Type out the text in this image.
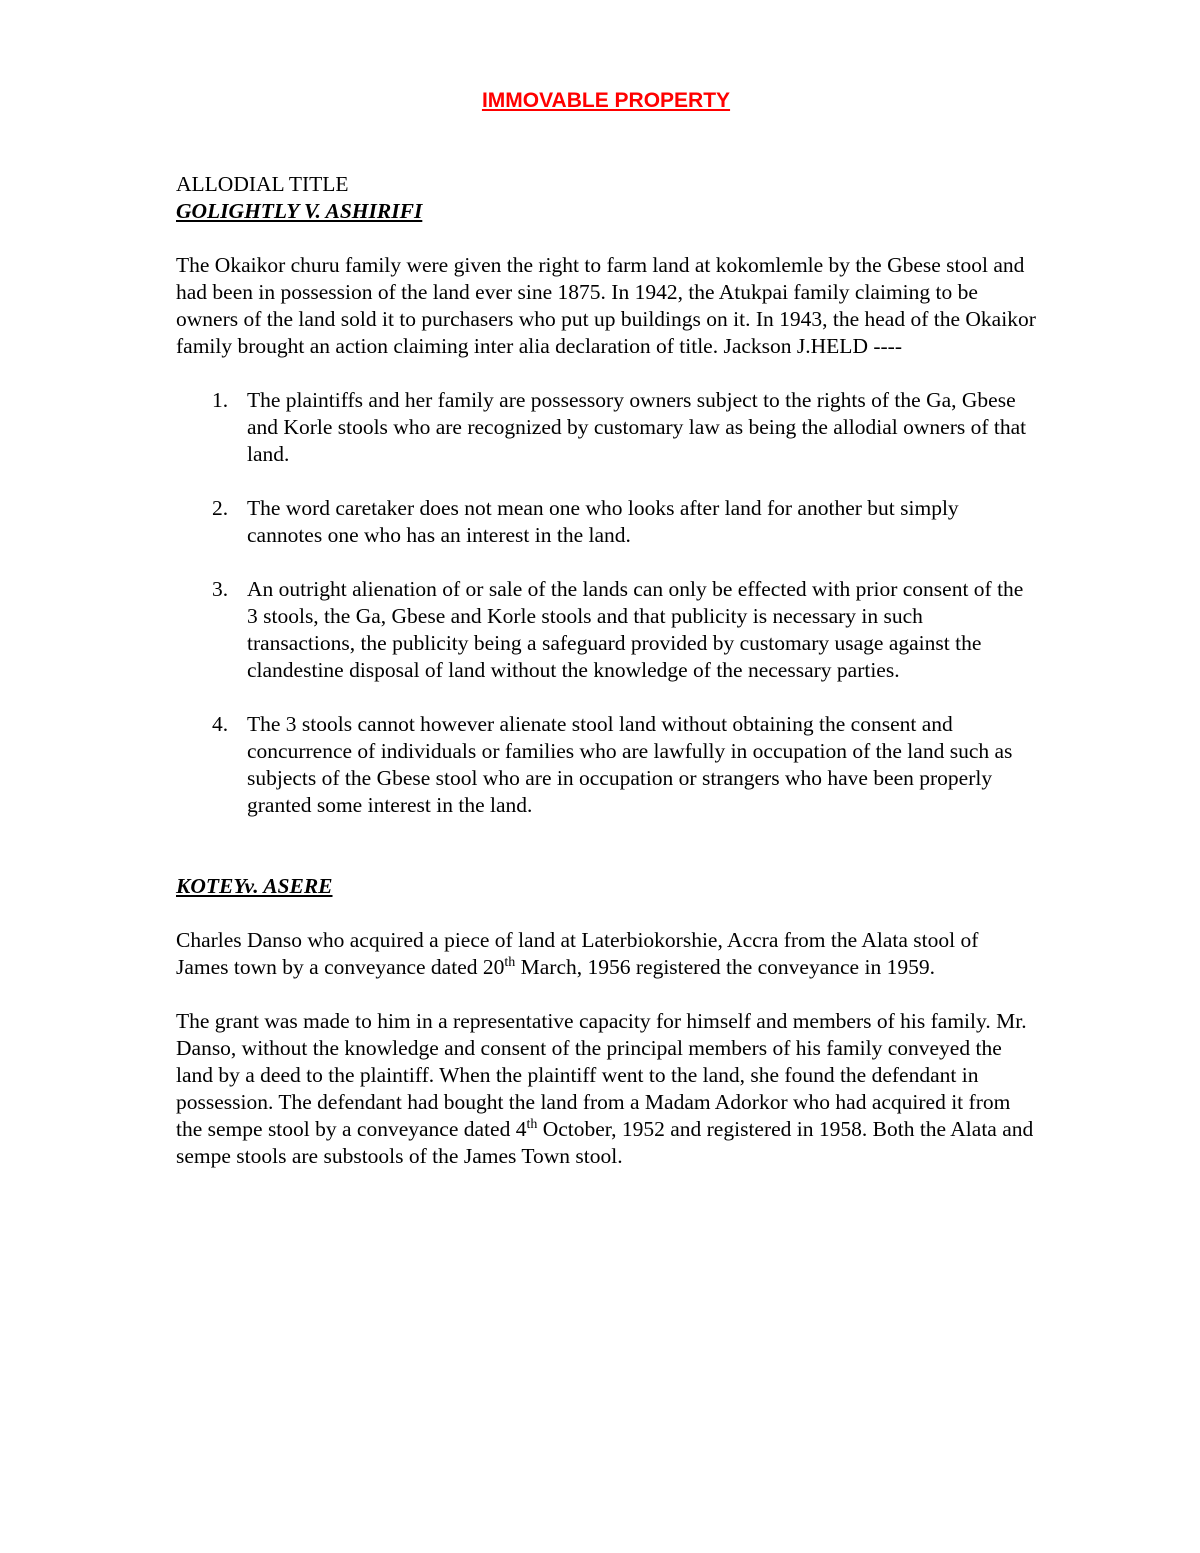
IMMOVABLE PROPERTY

ALLODIAL TITLE

GOLIGHTLY V. ASHIRIFI

The Okaikor churu family were given the right to farm land at kokomlemle by the Gbese stool and had been in possession of the land ever sine 1875. In 1942, the Atukpai family claiming to be owners of the land sold it to purchasers who put up buildings on it. In 1943, the head of the Okaikor family brought an action claiming inter alia declaration of title. Jackson J.HELD ----

1. The plaintiffs and her family are possessory owners subject to the rights of the Ga, Gbese and Korle stools who are recognized by customary law as being the allodial owners of that land.
2. The word caretaker does not mean one who looks after land for another but simply cannotes one who has an interest in the land.
3. An outright alienation of or sale of the lands can only be effected with prior consent of the 3 stools, the Ga, Gbese and Korle stools and that publicity is necessary in such transactions, the publicity being a safeguard provided by customary usage against the clandestine disposal of land without the knowledge of the necessary parties.
4. The 3 stools cannot however alienate stool land without obtaining the consent and concurrence of individuals or families who are lawfully in occupation of the land such as subjects of the Gbese stool who are in occupation or strangers who have been properly granted some interest in the land.

KOTEYv. ASERE

Charles Danso who acquired a piece of land at Laterbiokorshie, Accra from the Alata stool of James town by a conveyance dated 20th March, 1956 registered the conveyance in 1959.

The grant was made to him in a representative capacity for himself and members of his family. Mr. Danso, without the knowledge and consent of the principal members of his family conveyed the land by a deed to the plaintiff. When the plaintiff went to the land, she found the defendant in possession. The defendant had bought the land from a Madam Adorkor who had acquired it from the sempe stool by a conveyance dated 4th October, 1952 and registered in 1958. Both the Alata and sempe stools are substools of the James Town stool.
